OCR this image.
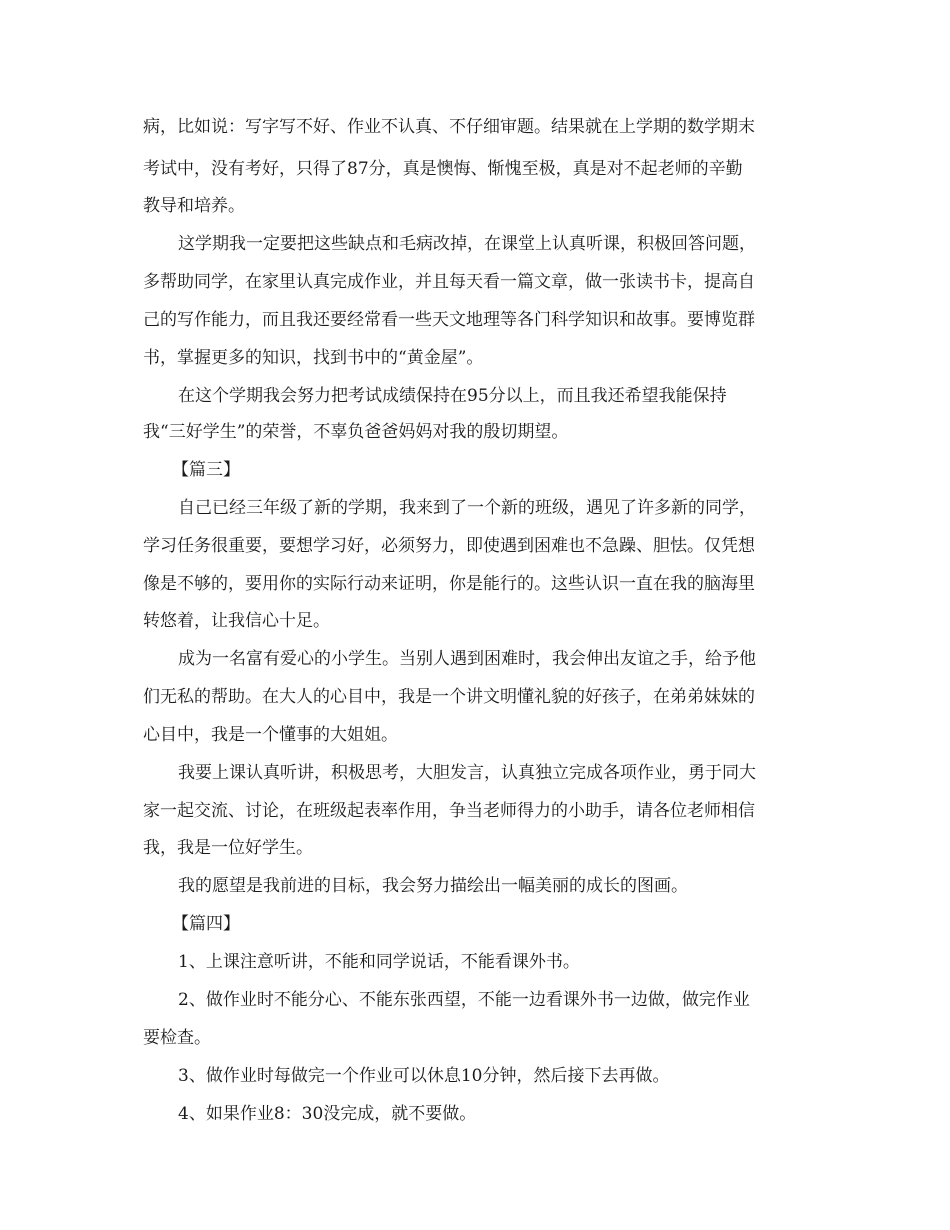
病，比如说：写字写不好、作业不认真、不仔细审题。结果就在上学期的数学期末
考试中，没有考好，只得了87分，真是懊悔、惭愧至极，真是对不起老师的辛勤
教导和培养。
这学期我一定要把这些缺点和毛病改掉，在课堂上认真听课，积极回答问题，
多帮助同学，在家里认真完成作业，并且每天看一篇文章，做一张读书卡，提高自
己的写作能力，而且我还要经常看一些天文地理等各门科学知识和故事。要博览群
书，掌握更多的知识，找到书中的“黄金屋”。
在这个学期我会努力把考试成绩保持在95分以上，而且我还希望我能保持
我“三好学生”的荣誉，不辜负爸爸妈妈对我的殷切期望。
【篇三】
自己已经三年级了新的学期，我来到了一个新的班级，遇见了许多新的同学，
学习任务很重要，要想学习好，必须努力，即使遇到困难也不急躁、胆怯。仅凭想
像是不够的，要用你的实际行动来证明，你是能行的。这些认识一直在我的脑海里
转悠着，让我信心十足。
成为一名富有爱心的小学生。当别人遇到困难时，我会伸出友谊之手，给予他
们无私的帮助。在大人的心目中，我是一个讲文明懂礼貌的好孩子，在弟弟妹妹的
心目中，我是一个懂事的大姐姐。
我要上课认真听讲，积极思考，大胆发言，认真独立完成各项作业，勇于同大
家一起交流、讨论，在班级起表率作用，争当老师得力的小助手，请各位老师相信
我，我是一位好学生。
我的愿望是我前进的目标，我会努力描绘出一幅美丽的成长的图画。
【篇四】
1、上课注意听讲，不能和同学说话，不能看课外书。
2、做作业时不能分心、不能东张西望，不能一边看课外书一边做，做完作业
要检查。
3、做作业时每做完一个作业可以休息10分钟，然后接下去再做。
4、如果作业8：30没完成，就不要做。
